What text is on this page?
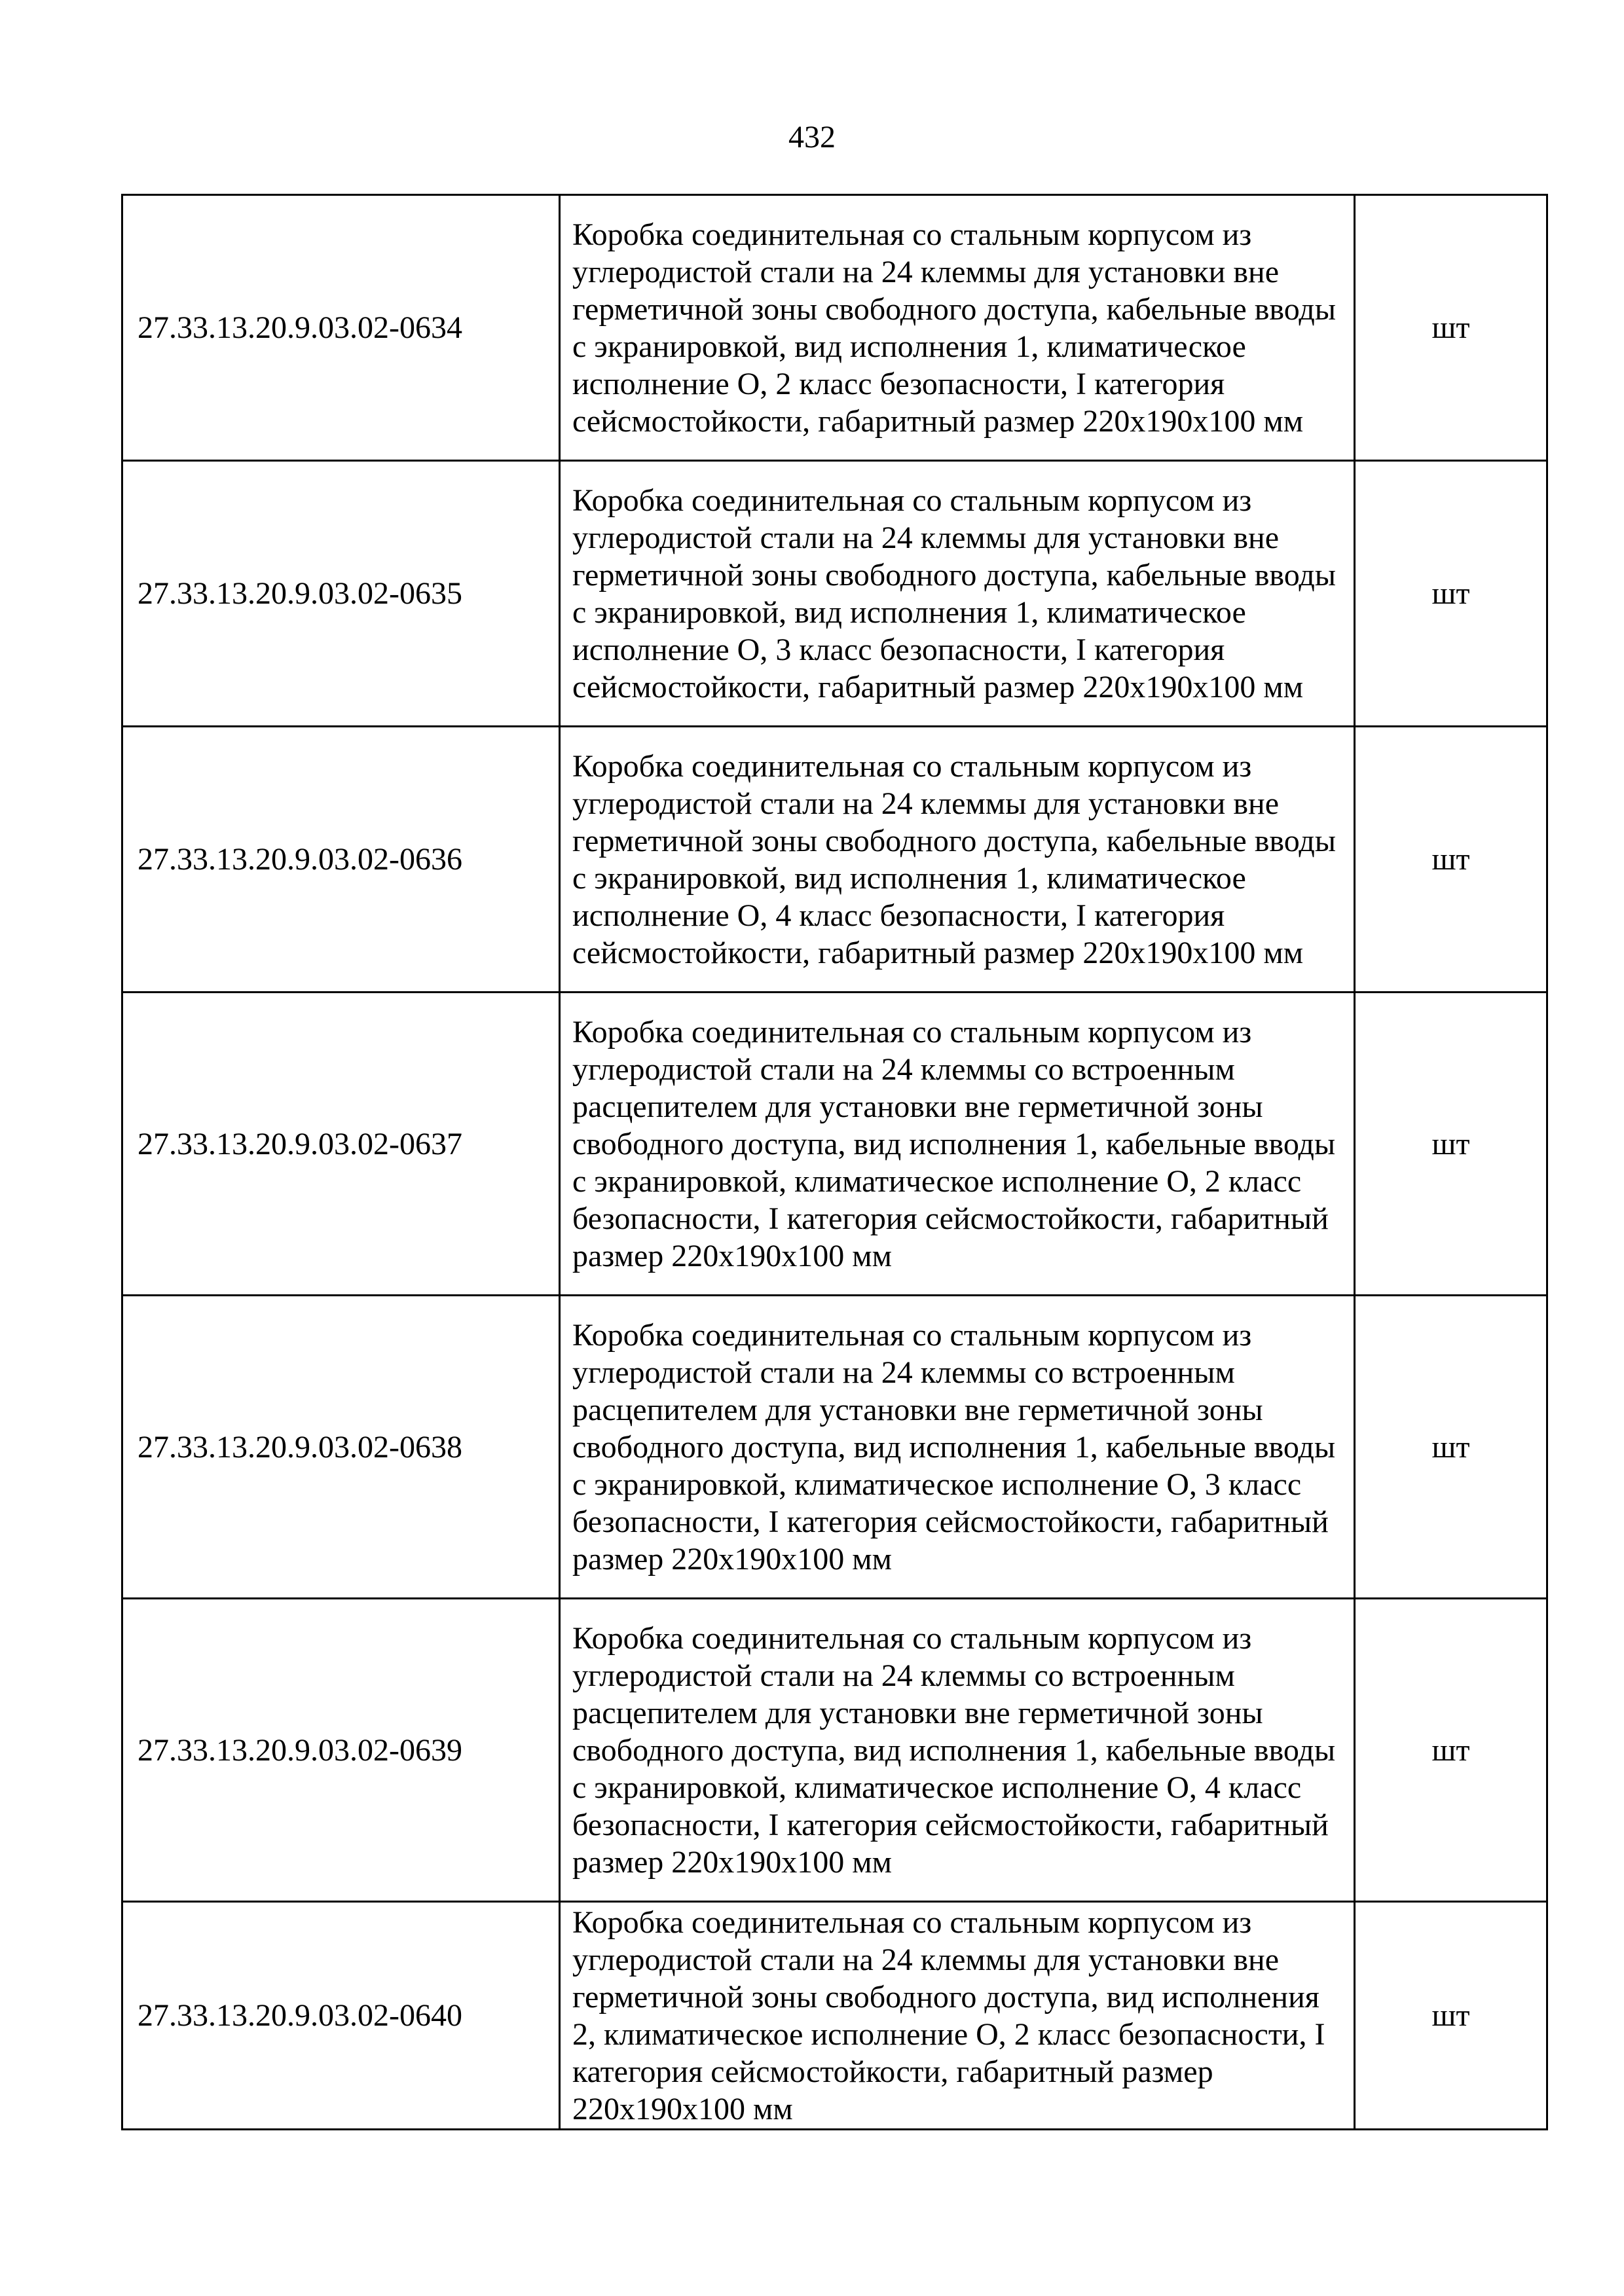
432
27.33.13.20.9.03.02-0634	Коробка соединительная со стальным корпусом из углеродистой стали на 24 клеммы для установки вне герметичной зоны свободного доступа, кабельные вводы с экранировкой, вид исполнения 1, климатическое исполнение О, 2 класс безопасности, I категория сейсмостойкости, габаритный размер 220x190x100 мм	шт
27.33.13.20.9.03.02-0635	Коробка соединительная со стальным корпусом из углеродистой стали на 24 клеммы для установки вне герметичной зоны свободного доступа, кабельные вводы с экранировкой, вид исполнения 1, климатическое исполнение О, 3 класс безопасности, I категория сейсмостойкости, габаритный размер 220x190x100 мм	шт
27.33.13.20.9.03.02-0636	Коробка соединительная со стальным корпусом из углеродистой стали на 24 клеммы для установки вне герметичной зоны свободного доступа, кабельные вводы с экранировкой, вид исполнения 1, климатическое исполнение О, 4 класс безопасности, I категория сейсмостойкости, габаритный размер 220x190x100 мм	шт
27.33.13.20.9.03.02-0637	Коробка соединительная со стальным корпусом из углеродистой стали на 24 клеммы со встроенным расцепителем для установки вне герметичной зоны свободного доступа, вид исполнения 1, кабельные вводы с экранировкой, климатическое исполнение О, 2 класс безопасности, I категория сейсмостойкости, габаритный размер 220x190x100 мм	шт
27.33.13.20.9.03.02-0638	Коробка соединительная со стальным корпусом из углеродистой стали на 24 клеммы со встроенным расцепителем для установки вне герметичной зоны свободного доступа, вид исполнения 1, кабельные вводы с экранировкой, климатическое исполнение О, 3 класс безопасности, I категория сейсмостойкости, габаритный размер 220x190x100 мм	шт
27.33.13.20.9.03.02-0639	Коробка соединительная со стальным корпусом из углеродистой стали на 24 клеммы со встроенным расцепителем для установки вне герметичной зоны свободного доступа, вид исполнения 1, кабельные вводы с экранировкой, климатическое исполнение О, 4 класс безопасности, I категория сейсмостойкости, габаритный размер 220x190x100 мм	шт
27.33.13.20.9.03.02-0640	Коробка соединительная со стальным корпусом из углеродистой стали на 24 клеммы для установки вне герметичной зоны свободного доступа, вид исполнения 2, климатическое исполнение О, 2 класс безопасности, I категория сейсмостойкости, габаритный размер 220x190x100 мм	шт
